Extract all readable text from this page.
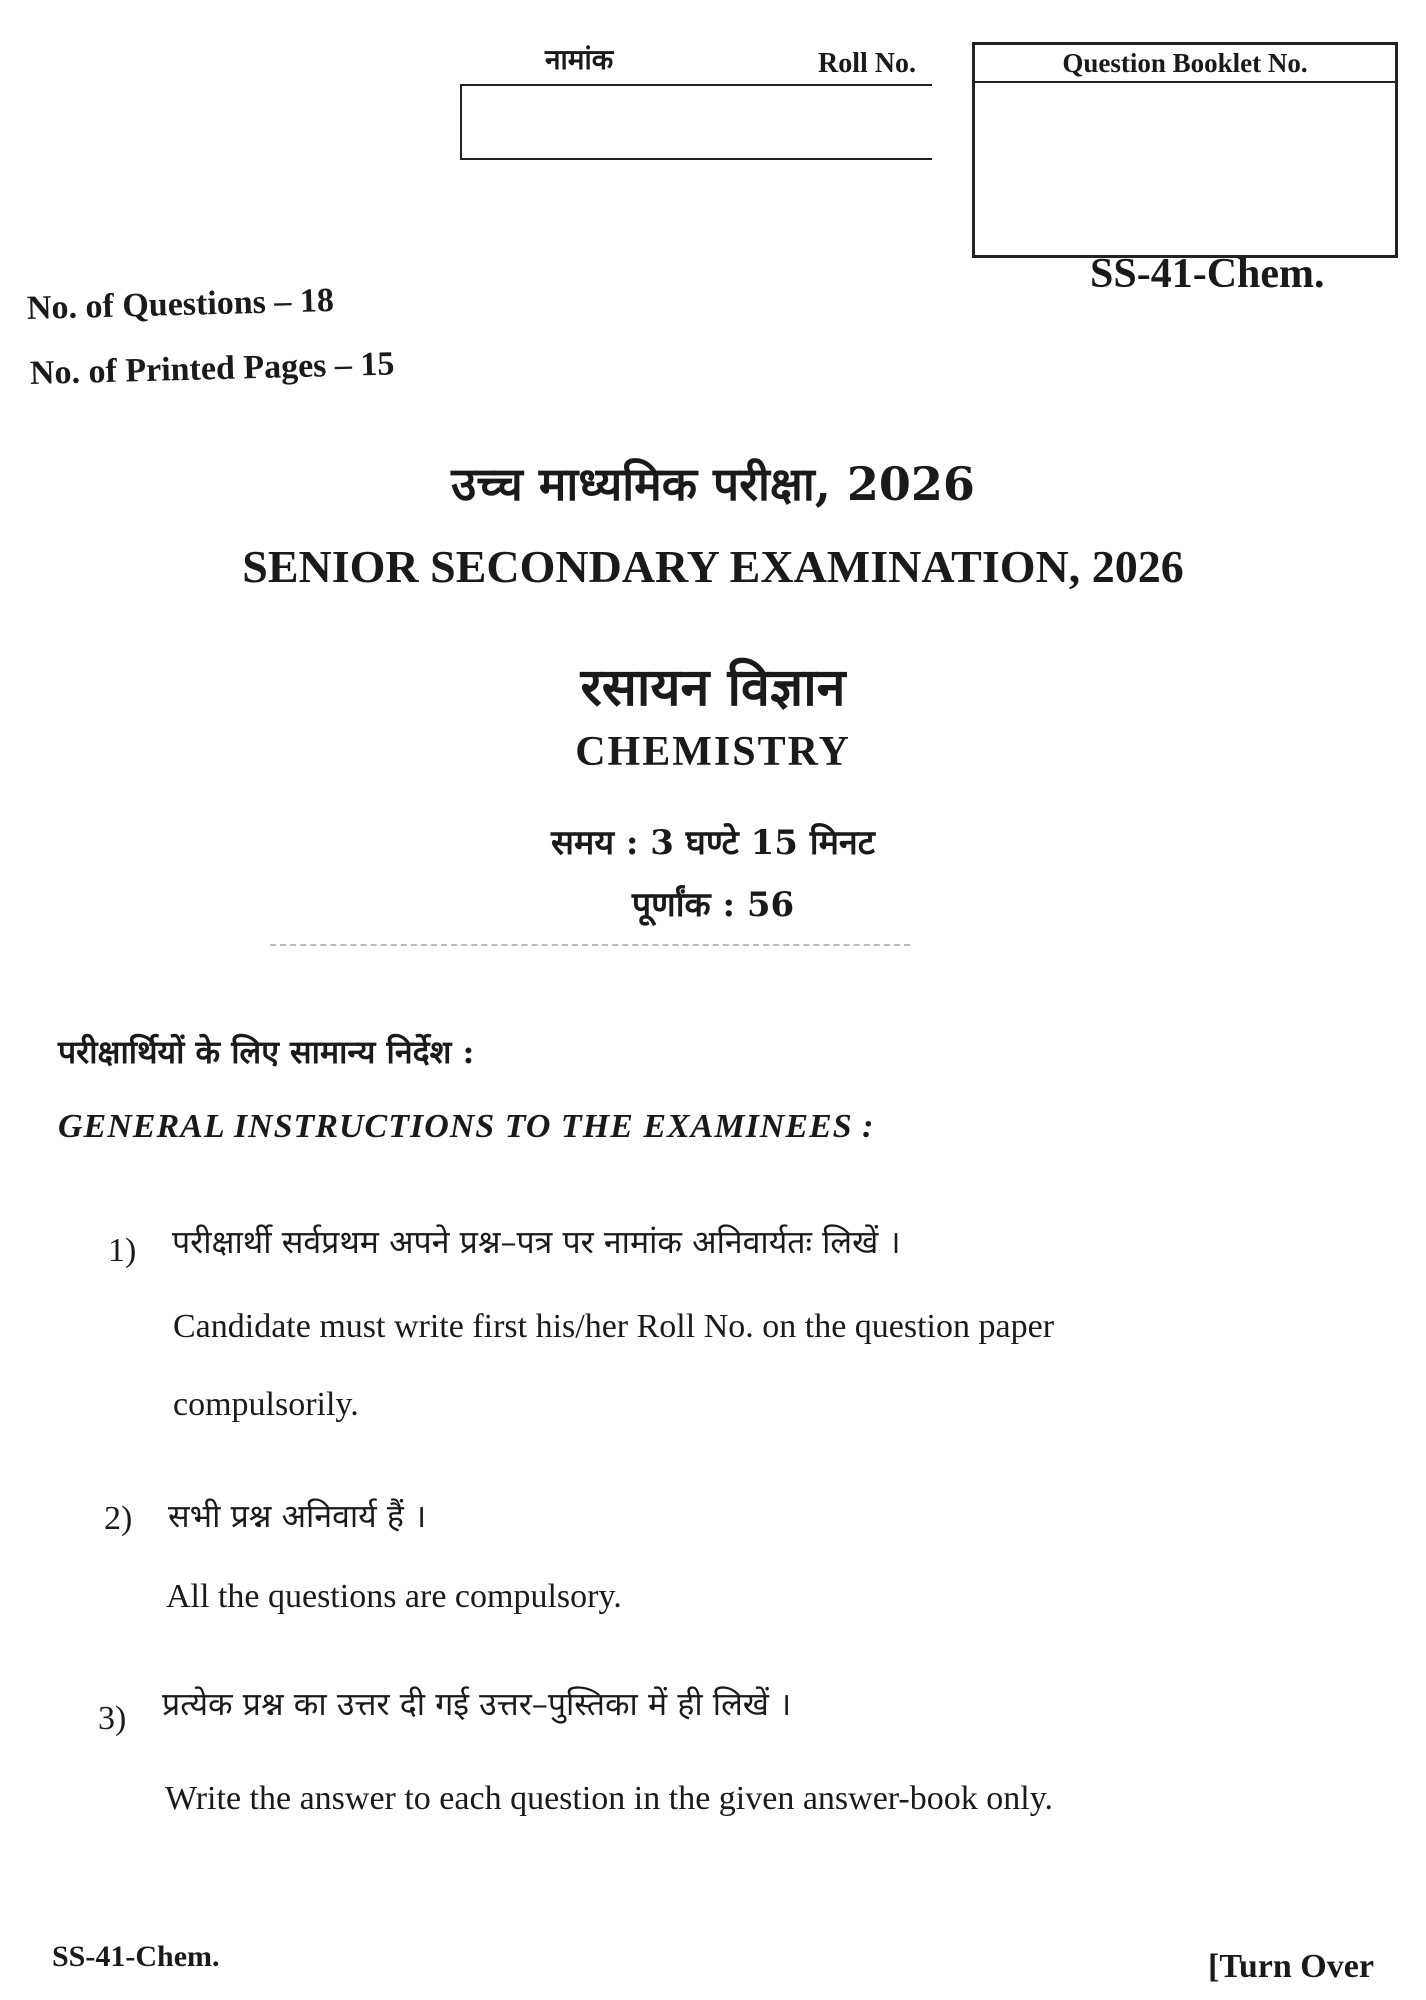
नामांक	Roll No.	Question Booklet No.
SS-41-Chem.
No. of Questions – 18
No. of Printed Pages – 15
उच्च माध्यमिक परीक्षा, 2026
SENIOR SECONDARY EXAMINATION, 2026
रसायन विज्ञान
CHEMISTRY
समय : 3 घण्टे 15 मिनट
पूर्णांक : 56
परीक्षार्थियों के लिए सामान्य निर्देश :
GENERAL INSTRUCTIONS TO THE EXAMINEES :
1) परीक्षार्थी सर्वप्रथम अपने प्रश्न–पत्र पर नामांक अनिवार्यतः लिखें ।
Candidate must write first his/her Roll No. on the question paper
compulsorily.
2) सभी प्रश्न अनिवार्य हैं ।
All the questions are compulsory.
3) प्रत्येक प्रश्न का उत्तर दी गई उत्तर–पुस्तिका में ही लिखें ।
Write the answer to each question in the given answer-book only.
SS-41-Chem.	[Turn Over
